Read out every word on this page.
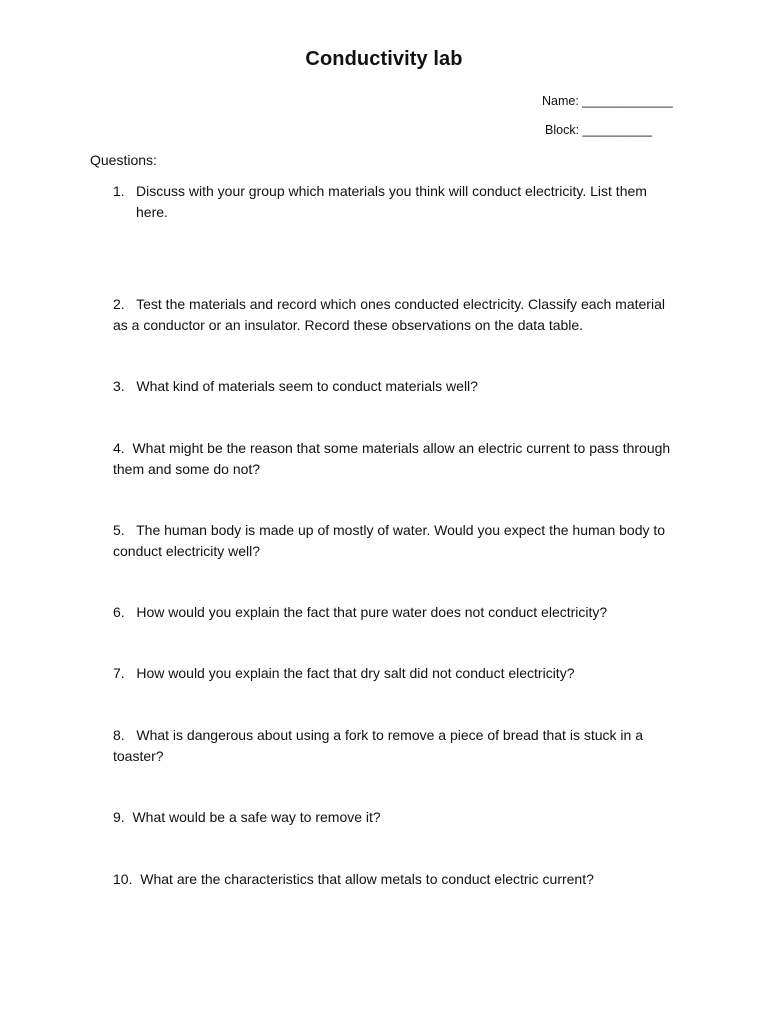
Conductivity lab
Name: _____________
Block: __________
Questions:
1. Discuss with your group which materials you think will conduct electricity. List them here.
2. Test the materials and record which ones conducted electricity. Classify each material as a conductor or an insulator. Record these observations on the data table.
3. What kind of materials seem to conduct materials well?
4. What might be the reason that some materials allow an electric current to pass through them and some do not?
5. The human body is made up of mostly of water. Would you expect the human body to conduct electricity well?
6. How would you explain the fact that pure water does not conduct electricity?
7. How would you explain the fact that dry salt did not conduct electricity?
8. What is dangerous about using a fork to remove a piece of bread that is stuck in a toaster?
9. What would be a safe way to remove it?
10. What are the characteristics that allow metals to conduct electric current?
